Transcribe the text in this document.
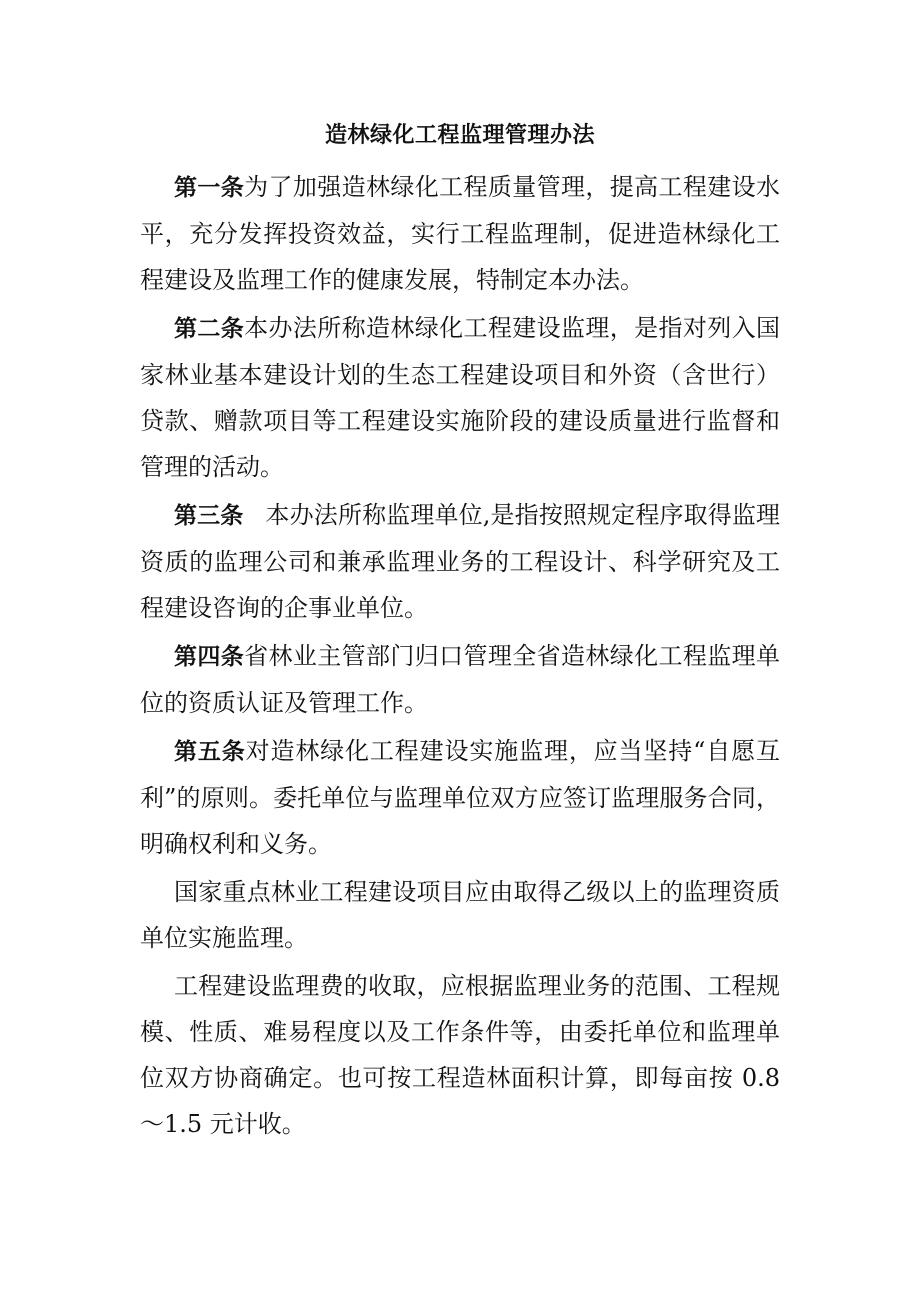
造林绿化工程监理管理办法

第一条为了加强造林绿化工程质量管理，提高工程建设水平，充分发挥投资效益，实行工程监理制，促进造林绿化工程建设及监理工作的健康发展，特制定本办法。

第二条本办法所称造林绿化工程建设监理，是指对列入国家林业基本建设计划的生态工程建设项目和外资（含世行）贷款、赠款项目等工程建设实施阶段的建设质量进行监督和管理的活动。

第三条 本办法所称监理单位,是指按照规定程序取得监理资质的监理公司和兼承监理业务的工程设计、科学研究及工程建设咨询的企事业单位。

第四条省林业主管部门归口管理全省造林绿化工程监理单位的资质认证及管理工作。

第五条对造林绿化工程建设实施监理，应当坚持“自愿互利”的原则。委托单位与监理单位双方应签订监理服务合同，明确权利和义务。

国家重点林业工程建设项目应由取得乙级以上的监理资质单位实施监理。

工程建设监理费的收取，应根据监理业务的范围、工程规模、性质、难易程度以及工作条件等，由委托单位和监理单位双方协商确定。也可按工程造林面积计算，即每亩按 0.8～1.5 元计收。
